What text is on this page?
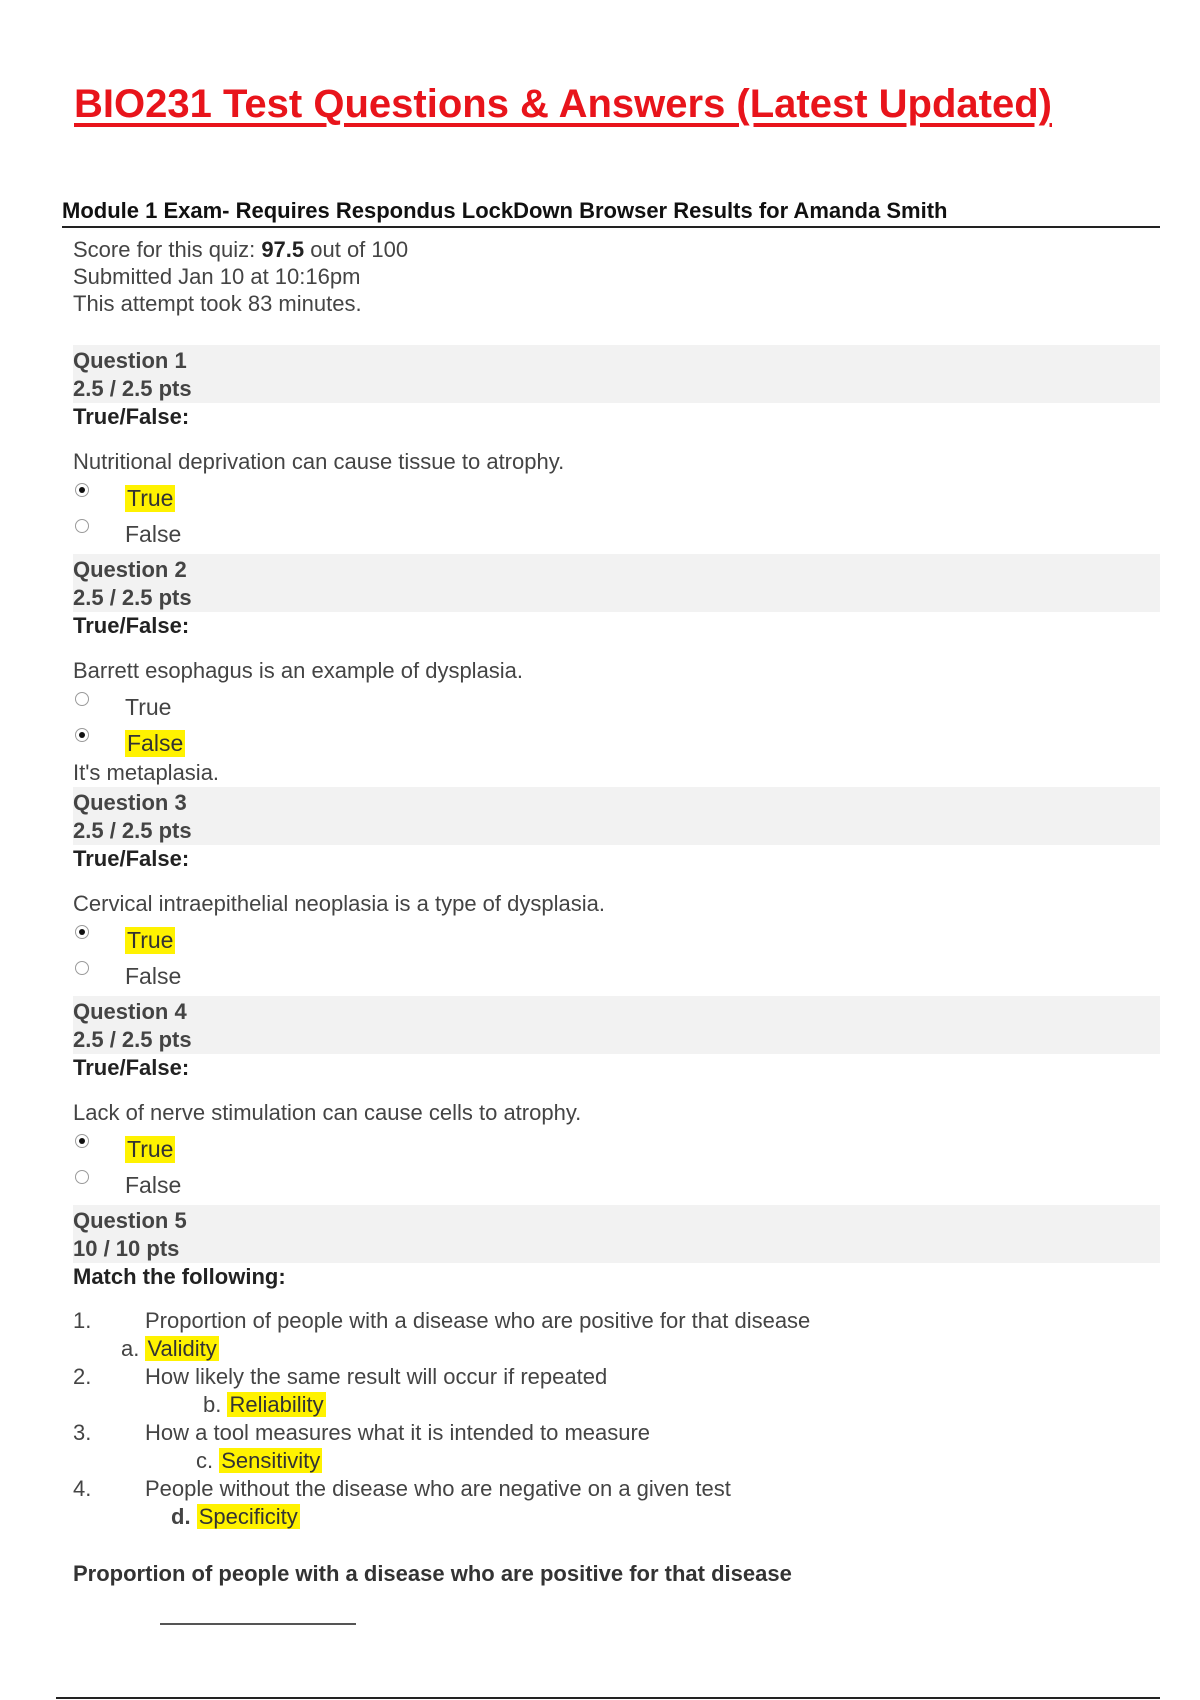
BIO231 Test Questions & Answers (Latest Updated)
Module 1 Exam- Requires Respondus LockDown Browser Results for Amanda Smith
Score for this quiz: 97.5 out of 100
Submitted Jan 10 at 10:16pm
This attempt took 83 minutes.
Question 1
2.5 / 2.5 pts
True/False:
Nutritional deprivation can cause tissue to atrophy.
True
False
Question 2
2.5 / 2.5 pts
True/False:
Barrett esophagus is an example of dysplasia.
True
False
It's metaplasia.
Question 3
2.5 / 2.5 pts
True/False:
Cervical intraepithelial neoplasia is a type of dysplasia.
True
False
Question 4
2.5 / 2.5 pts
True/False:
Lack of nerve stimulation can cause cells to atrophy.
True
False
Question 5
10 / 10 pts
Match the following:
1.	Proportion of people with a disease who are positive for that disease
a. Validity
2.	How likely the same result will occur if repeated
b. Reliability
3.	How a tool measures what it is intended to measure
c. Sensitivity
4.	People without the disease who are negative on a given test
d. Specificity
Proportion of people with a disease who are positive for that disease
